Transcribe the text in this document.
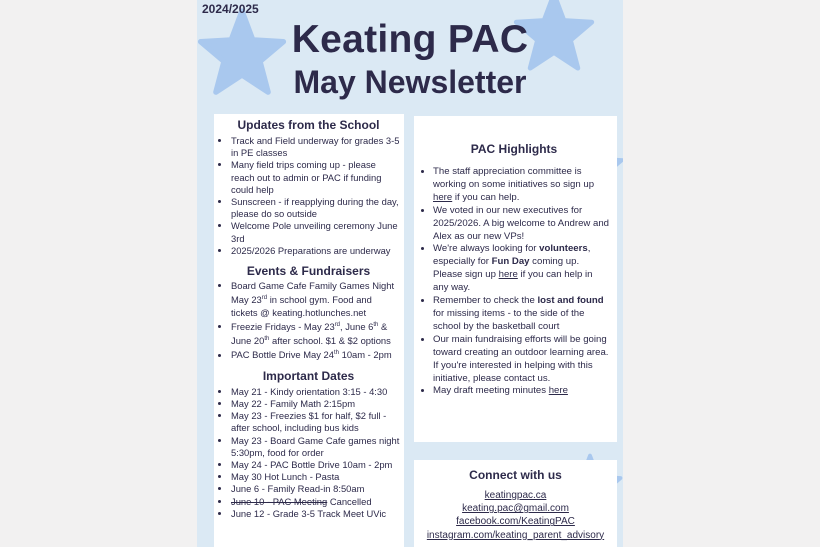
2024/2025
Keating PAC
May Newsletter
Updates from the School
• Track and Field underway for grades 3-5 in PE classes
• Many field trips coming up - please reach out to admin or PAC if funding could help
• Sunscreen - if reapplying during the day, please do so outside
• Welcome Pole unveiling ceremony June 3rd
• 2025/2026 Preparations are underway
Events & Fundraisers
• Board Game Cafe Family Games Night May 23rd in school gym. Food and tickets @ keating.hotlunches.net
• Freezie Fridays - May 23rd, June 6th & June 20th after school. $1 & $2 options
• PAC Bottle Drive May 24th 10am - 2pm
Important Dates
• May 21 - Kindy orientation 3:15 - 4:30
• May 22 - Family Math 2:15pm
• May 23 - Freezies $1 for half, $2 full - after school, including bus kids
• May 23 - Board Game Cafe games night 5:30pm, food for order
• May 24 - PAC Bottle Drive 10am - 2pm
• May 30 Hot Lunch - Pasta
• June 6 - Family Read-in 8:50am
• June 10 - PAC Meeting Cancelled
• June 12 - Grade 3-5 Track Meet UVic
PAC Highlights
• The staff appreciation committee is working on some initiatives so sign up here if you can help.
• We voted in our new executives for 2025/2026. A big welcome to Andrew and Alex as our new VPs!
• We're always looking for volunteers, especially for Fun Day coming up. Please sign up here if you can help in any way.
• Remember to check the lost and found for missing items - to the side of the school by the basketball court
• Our main fundraising efforts will be going toward creating an outdoor learning area. If you're interested in helping with this initiative, please contact us.
• May draft meeting minutes here
Connect with us
keatingpac.ca
keating.pac@gmail.com
facebook.com/KeatingPAC
instagram.com/keating_parent_advisory
